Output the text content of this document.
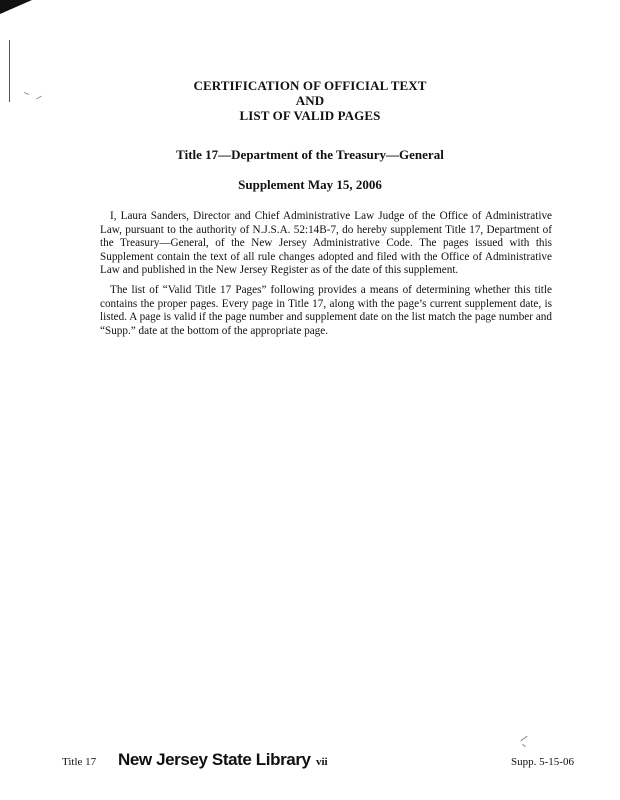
CERTIFICATION OF OFFICIAL TEXT
AND
LIST OF VALID PAGES
Title 17—Department of the Treasury—General
Supplement May 15, 2006

I, Laura Sanders, Director and Chief Administrative Law Judge of the Office of Administrative Law, pursuant to the authority of N.J.S.A. 52:14B-7, do hereby supplement Title 17, Department of the Treasury—General, of the New Jersey Administrative Code. The pages issued with this Supplement contain the text of all rule changes adopted and filed with the Office of Administrative Law and published in the New Jersey Register as of the date of this supplement.

The list of “Valid Title 17 Pages” following provides a means of determining whether this title contains the proper pages. Every page in Title 17, along with the page’s current supplement date, is listed. A page is valid if the page number and supplement date on the list match the page number and “Supp.” date at the bottom of the appropriate page.

Title 17 New Jersey State Library vii	Supp. 5-15-06
